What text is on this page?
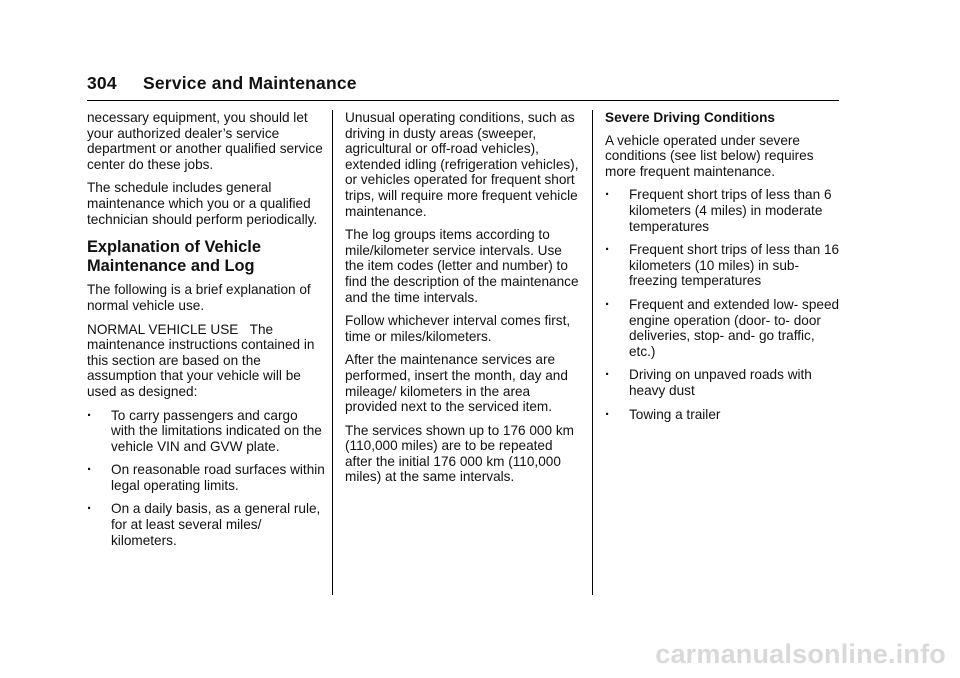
304 Service and Maintenance

necessary equipment, you should let your authorized dealer’s service department or another qualified service center do these jobs.

The schedule includes general maintenance which you or a qualified technician should perform periodically.

Explanation of Vehicle
Maintenance and Log

The following is a brief explanation of normal vehicle use.

NORMAL VEHICLE USE   The maintenance instructions contained in this section are based on the assumption that your vehicle will be used as designed:

. To carry passengers and cargo with the limitations indicated on the vehicle VIN and GVW plate.
. On reasonable road surfaces within legal operating limits.
. On a daily basis, as a general rule, for at least several miles/ kilometers.

Unusual operating conditions, such as driving in dusty areas (sweeper, agricultural or off-road vehicles), extended idling (refrigeration vehicles), or vehicles operated for frequent short trips, will require more frequent vehicle maintenance.

The log groups items according to mile/kilometer service intervals. Use the item codes (letter and number) to find the description of the maintenance and the time intervals.

Follow whichever interval comes first, time or miles/kilometers.

After the maintenance services are performed, insert the month, day and mileage/ kilometers in the area provided next to the serviced item.

The services shown up to 176 000 km (110,000 miles) are to be repeated after the initial 176 000 km (110,000 miles) at the same intervals.

Severe Driving Conditions

A vehicle operated under severe conditions (see list below) requires more frequent maintenance.

. Frequent short trips of less than 6 kilometers (4 miles) in moderate temperatures
. Frequent short trips of less than 16 kilometers (10 miles) in sub- freezing temperatures
. Frequent and extended low- speed engine operation (door- to- door deliveries, stop- and- go traffic, etc.)
. Driving on unpaved roads with heavy dust
. Towing a trailer
carmanualsonline.info
